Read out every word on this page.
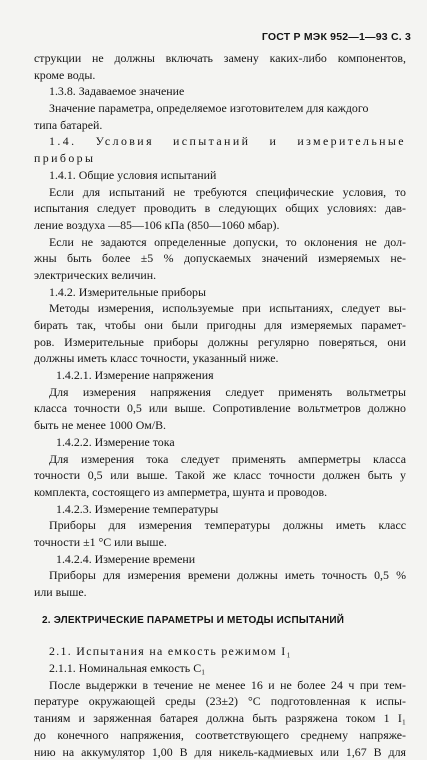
ГОСТ Р МЭК 952—1—93 С. 3
струкции не должны включать замену каких-либо компонентов,
кроме воды.
1.3.8. Задаваемое значение
Значение параметра, определяемое изготовителем для каждого
типа батарей.
1.4. Условия испытаний и измерительные
приборы
1.4.1. Общие условия испытаний
Если для испытаний не требуются специфические условия, то
испытания следует проводить в следующих общих условиях: дав-
ление воздуха —85—106 кПа (850—1060 мбар).
Если не задаются определенные допуски, то оклонения не дол-
жны быть более ±5 % допускаемых значений измеряемых не-
электрических величин.
1.4.2. Измерительные приборы
Методы измерения, используемые при испытаниях, следует вы-
бирать так, чтобы они были пригодны для измеряемых парамет-
ров. Измерительные приборы должны регулярно поверяться, они
должны иметь класс точности, указанный ниже.
1.4.2.1. Измерение напряжения
Для измерения напряжения следует применять вольтметры
класса точности 0,5 или выше. Сопротивление вольтметров должно
быть не менее 1000 Ом/В.
1.4.2.2. Измерение тока
Для измерения тока следует применять амперметры класса
точности 0,5 или выше. Такой же класс точности должен быть у
комплекта, состоящего из амперметра, шунта и проводов.
1.4.2.3. Измерение температуры
Приборы для измерения температуры должны иметь класс
точности ±1 °С или выше.
1.4.2.4. Измерение времени
Приборы для измерения времени должны иметь точность 0,5 %
или выше.
2. ЭЛЕКТРИЧЕСКИЕ ПАРАМЕТРЫ И МЕТОДЫ ИСПЫТАНИЙ
2.1. Испытания на емкость режимом I₁
2.1.1. Номинальная емкость C₁
После выдержки в течение не менее 16 и не более 24 ч при тем-
пературе окружающей среды (23±2) °С подготовленная к испы-
таниям и заряженная батарея должна быть разряжена током 1 I₁
до конечного напряжения, соответствующего среднему напряже-
нию на аккумулятор 1,00 В для никель-кадмиевых или 1,67 В для
